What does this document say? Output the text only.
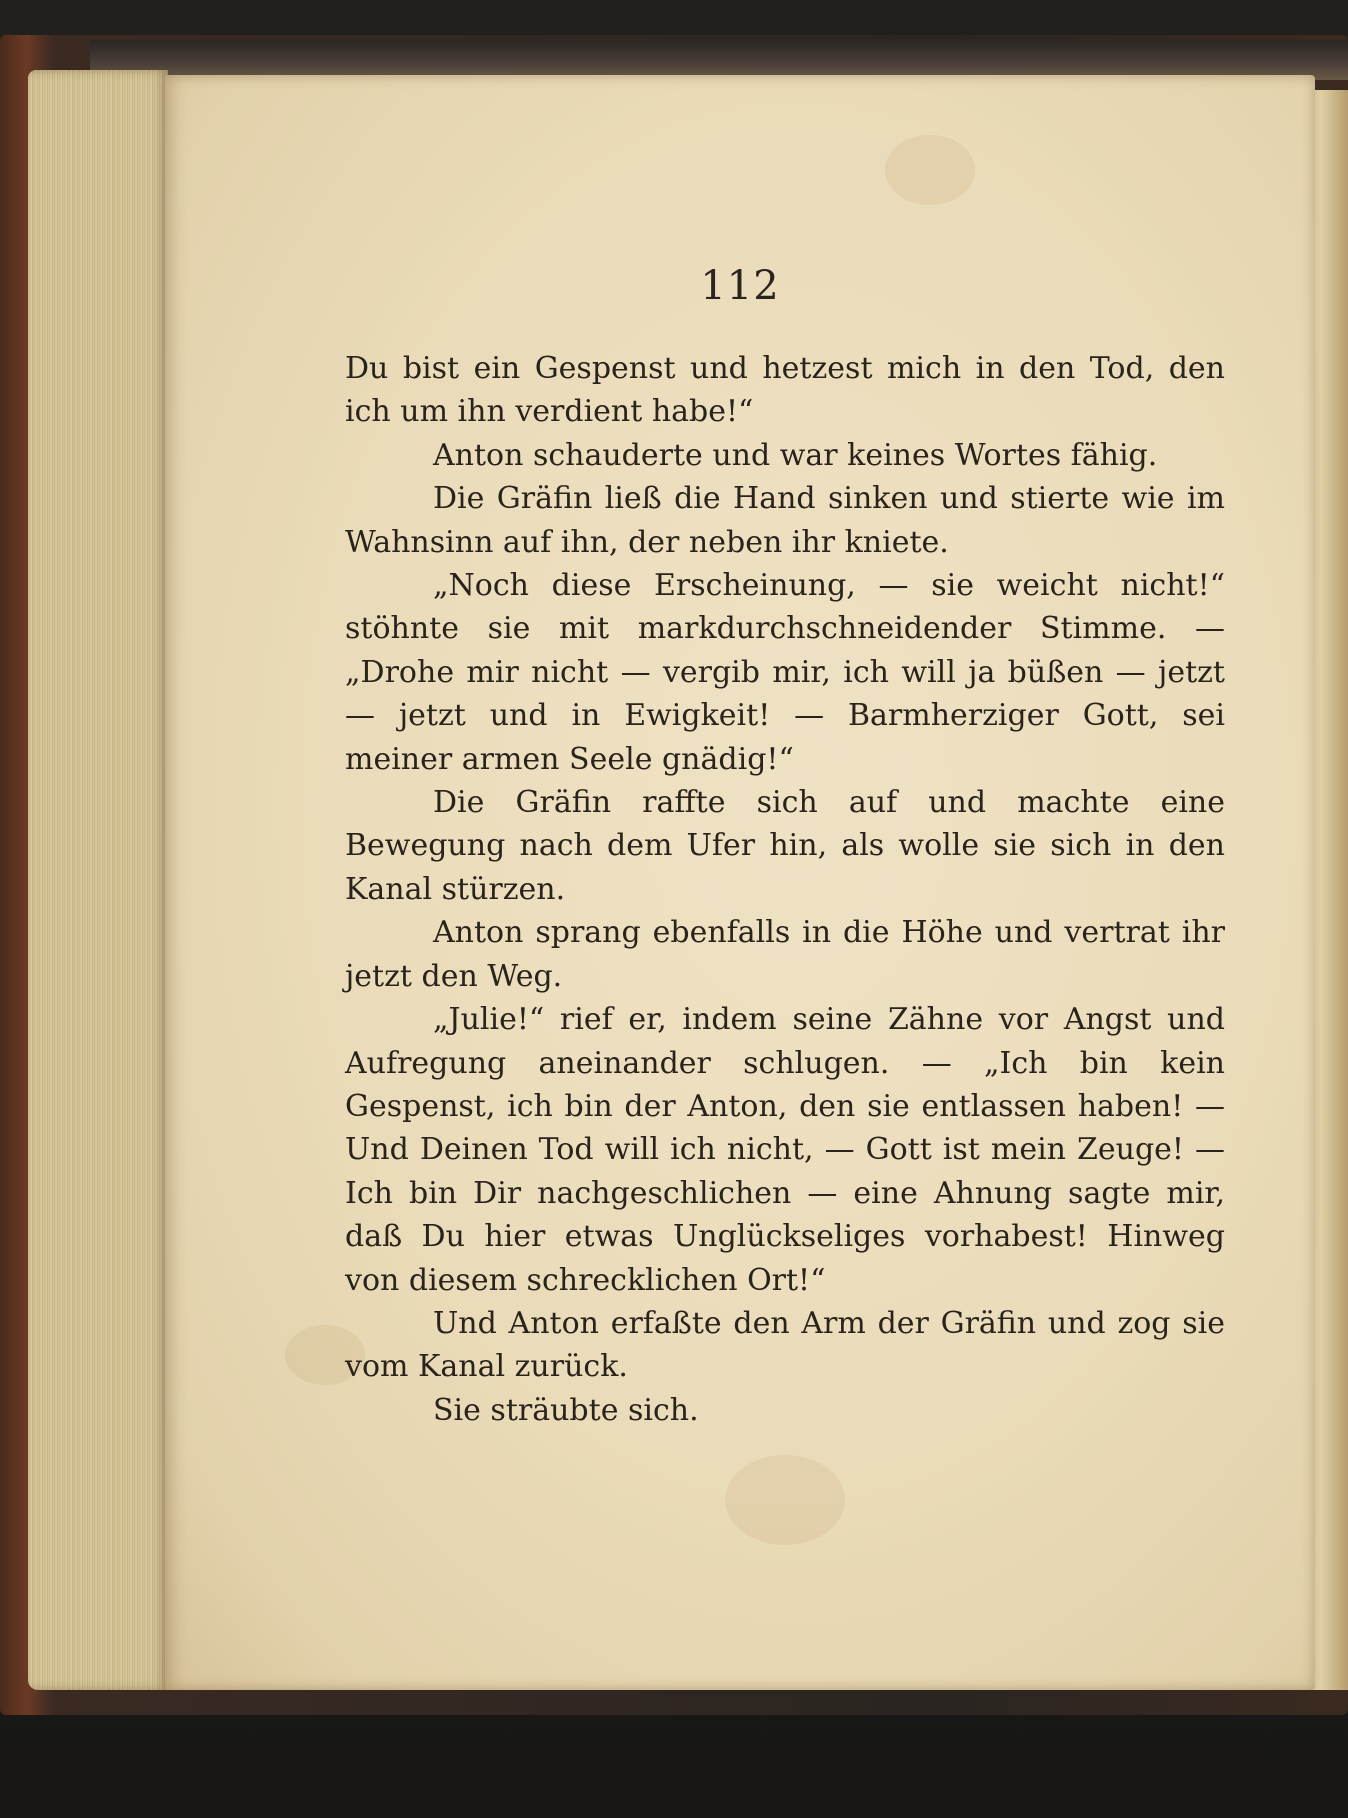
112

Du bist ein Gespenst und hetzest mich in den Tod, den ich um ihn verdient habe!“

Anton schauderte und war keines Wortes fähig.

Die Gräfin ließ die Hand sinken und stierte wie im Wahnsinn auf ihn, der neben ihr kniete.

„Noch diese Erscheinung, — sie weicht nicht!“ stöhnte sie mit markdurchschneidender Stimme. — „Drohe mir nicht — vergib mir, ich will ja büßen — jetzt — jetzt und in Ewigkeit! — Barmherziger Gott, sei meiner armen Seele gnädig!“

Die Gräfin raffte sich auf und machte eine Bewegung nach dem Ufer hin, als wolle sie sich in den Kanal stürzen.

Anton sprang ebenfalls in die Höhe und vertrat ihr jetzt den Weg.

„Julie!“ rief er, indem seine Zähne vor Angst und Aufregung aneinander schlugen. — „Ich bin kein Gespenst, ich bin der Anton, den sie entlassen haben! — Und Deinen Tod will ich nicht, — Gott ist mein Zeuge! — Ich bin Dir nachgeschlichen — eine Ahnung sagte mir, daß Du hier etwas Unglückseliges vorhabest! Hinweg von diesem schrecklichen Ort!“

Und Anton erfaßte den Arm der Gräfin und zog sie vom Kanal zurück.

Sie sträubte sich.
